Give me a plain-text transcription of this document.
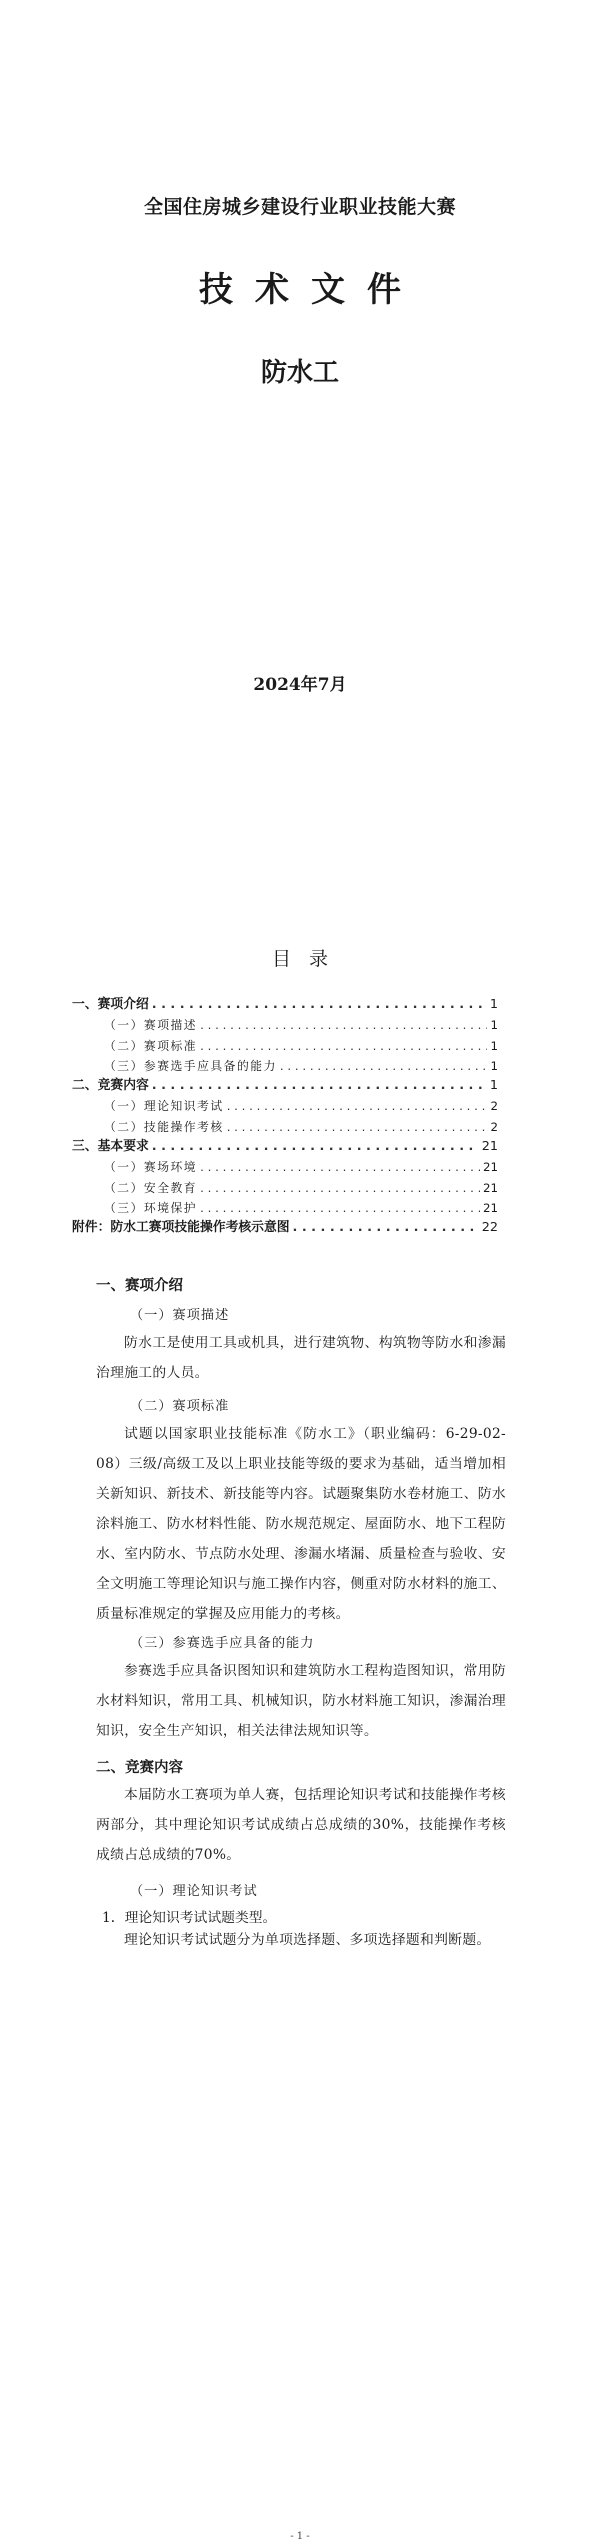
全国住房城乡建设行业职业技能大赛
技术文件
防水工
2024年7月
目录
一、赛项介绍 . . .	1
（一）赛项描述 . . .	1
（二）赛项标准 . . .	1
（三）参赛选手应具备的能力 . . .	1
二、竞赛内容 . . .	1
（一）理论知识考试 . . .	2
（二）技能操作考核 . . .	2
三、基本要求 . . .	21
（一）赛场环境 . . .	21
（二）安全教育 . . .	21
（三）环境保护 . . .	21
附件：防水工赛项技能操作考核示意图 . . .	22
一、赛项介绍
（一）赛项描述
防水工是使用工具或机具，进行建筑物、构筑物等防水和渗漏治理施工的人员。
（二）赛项标准
试题以国家职业技能标准《防水工》（职业编码：6-29-02-08）三级/高级工及以上职业技能等级的要求为基础，适当增加相关新知识、新技术、新技能等内容。试题聚集防水卷材施工、防水涂料施工、防水材料性能、防水规范规定、屋面防水、地下工程防水、室内防水、节点防水处理、渗漏水堵漏、质量检查与验收、安全文明施工等理论知识与施工操作内容，侧重对防水材料的施工、质量标准规定的掌握及应用能力的考核。
（三）参赛选手应具备的能力
参赛选手应具备识图知识和建筑防水工程构造图知识，常用防水材料知识，常用工具、机械知识，防水材料施工知识，渗漏治理知识，安全生产知识，相关法律法规知识等。
二、竞赛内容
本届防水工赛项为单人赛，包括理论知识考试和技能操作考核两部分，其中理论知识考试成绩占总成绩的30%，技能操作考核成绩占总成绩的70%。
（一）理论知识考试
1．理论知识考试试题类型。
理论知识考试试题分为单项选择题、多项选择题和判断题。
- 1 -
